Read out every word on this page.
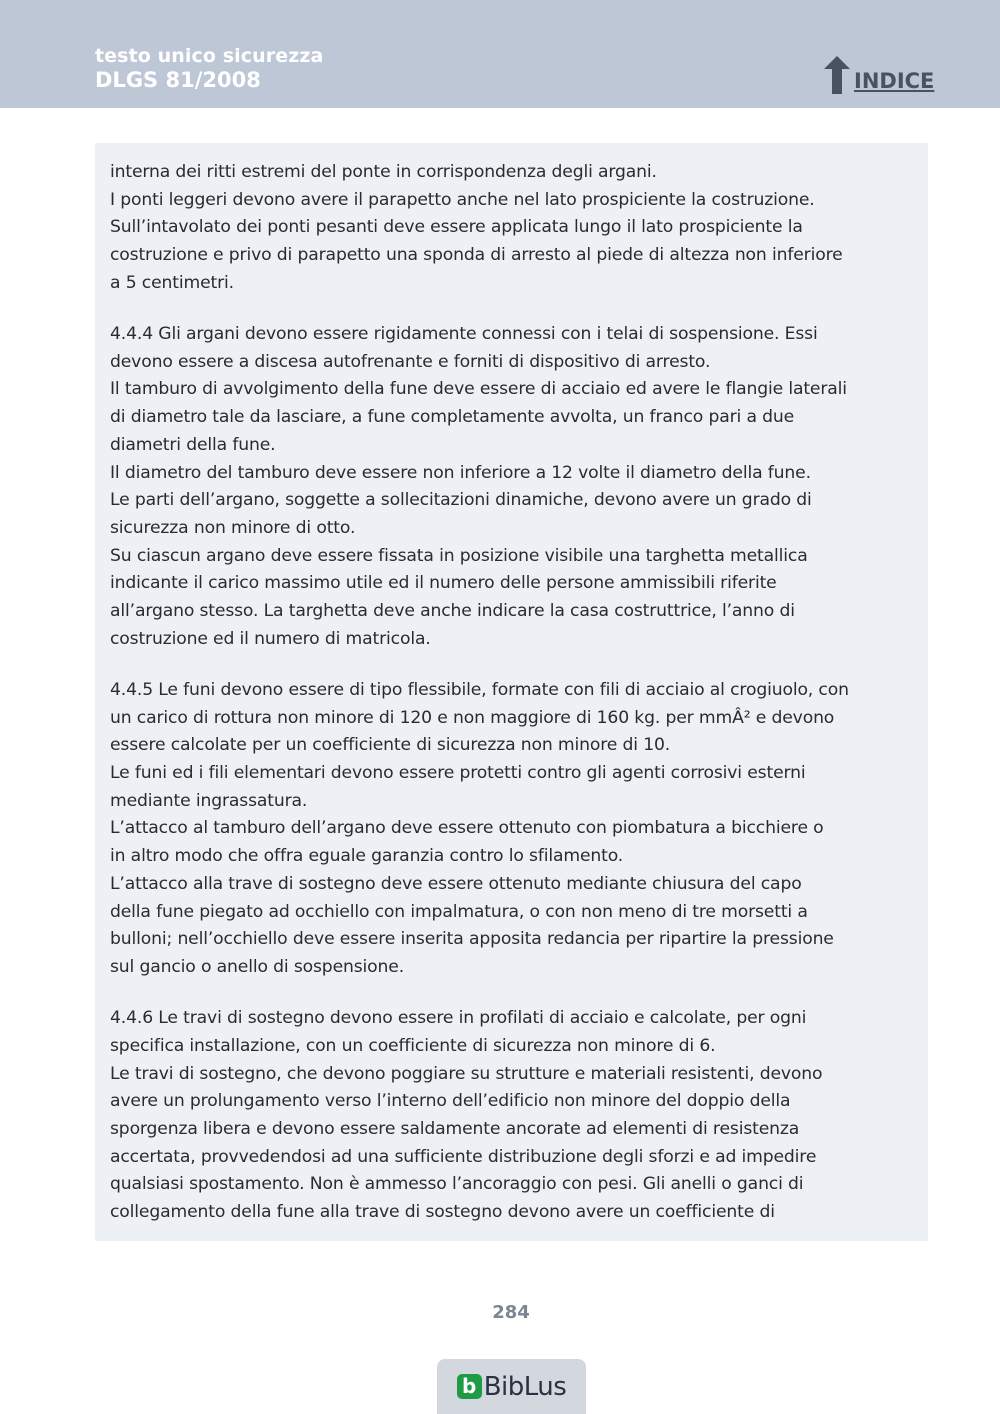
testo unico sicurezza
DLGS 81/2008	INDICE
interna dei ritti estremi del ponte in corrispondenza degli argani.
I ponti leggeri devono avere il parapetto anche nel lato prospiciente la costruzione.
Sull’intavolato dei ponti pesanti deve essere applicata lungo il lato prospiciente la
costruzione e privo di parapetto una sponda di arresto al piede di altezza non inferiore
a 5 centimetri.
4.4.4 Gli argani devono essere rigidamente connessi con i telai di sospensione. Essi
devono essere a discesa autofrenante e forniti di dispositivo di arresto.
Il tamburo di avvolgimento della fune deve essere di acciaio ed avere le flangie laterali
di diametro tale da lasciare, a fune completamente avvolta, un franco pari a due
diametri della fune.
Il diametro del tamburo deve essere non inferiore a 12 volte il diametro della fune.
Le parti dell’argano, soggette a sollecitazioni dinamiche, devono avere un grado di
sicurezza non minore di otto.
Su ciascun argano deve essere fissata in posizione visibile una targhetta metallica
indicante il carico massimo utile ed il numero delle persone ammissibili riferite
all’argano stesso. La targhetta deve anche indicare la casa costruttrice, l’anno di
costruzione ed il numero di matricola.
4.4.5 Le funi devono essere di tipo flessibile, formate con fili di acciaio al crogiuolo, con
un carico di rottura non minore di 120 e non maggiore di 160 kg. per mmÂ² e devono
essere calcolate per un coefficiente di sicurezza non minore di 10.
Le funi ed i fili elementari devono essere protetti contro gli agenti corrosivi esterni
mediante ingrassatura.
L’attacco al tamburo dell’argano deve essere ottenuto con piombatura a bicchiere o
in altro modo che offra eguale garanzia contro lo sfilamento.
L’attacco alla trave di sostegno deve essere ottenuto mediante chiusura del capo
della fune piegato ad occhiello con impalmatura, o con non meno di tre morsetti a
bulloni; nell’occhiello deve essere inserita apposita redancia per ripartire la pressione
sul gancio o anello di sospensione.
4.4.6 Le travi di sostegno devono essere in profilati di acciaio e calcolate, per ogni
specifica installazione, con un coefficiente di sicurezza non minore di 6.
Le travi di sostegno, che devono poggiare su strutture e materiali resistenti, devono
avere un prolungamento verso l’interno dell’edificio non minore del doppio della
sporgenza libera e devono essere saldamente ancorate ad elementi di resistenza
accertata, provvedendosi ad una sufficiente distribuzione degli sforzi e ad impedire
qualsiasi spostamento. Non è ammesso l’ancoraggio con pesi. Gli anelli o ganci di
collegamento della fune alla trave di sostegno devono avere un coefficiente di
284
b BibLus
